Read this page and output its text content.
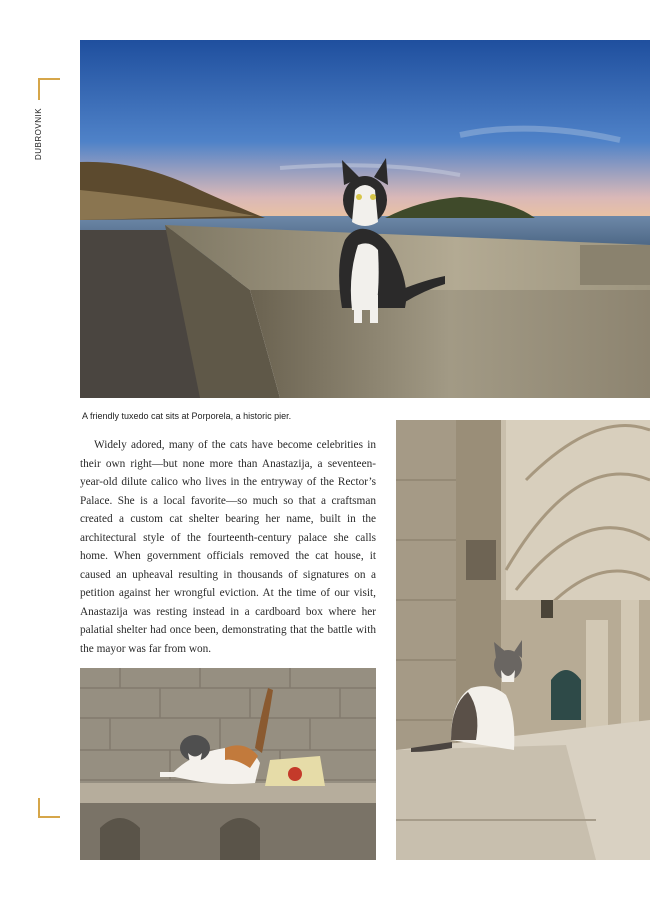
DUBROVNIK
A friendly tuxedo cat sits at Porporela, a historic pier.

Widely adored, many of the cats have become celebrities in their own right—but none more than Anastazija, a seventeen-year-old dilute calico who lives in the entryway of the Rector’s Palace. She is a local favorite—so much so that a craftsman created a custom cat shelter bearing her name, built in the architectural style of the fourteenth-century palace she calls home. When government officials removed the cat house, it caused an upheaval resulting in thousands of signatures on a petition against her wrongful eviction. At the time of our visit, Anastazija was resting instead in a cardboard box where her palatial shelter had once been, demonstrating that the battle with the mayor was far from won.
